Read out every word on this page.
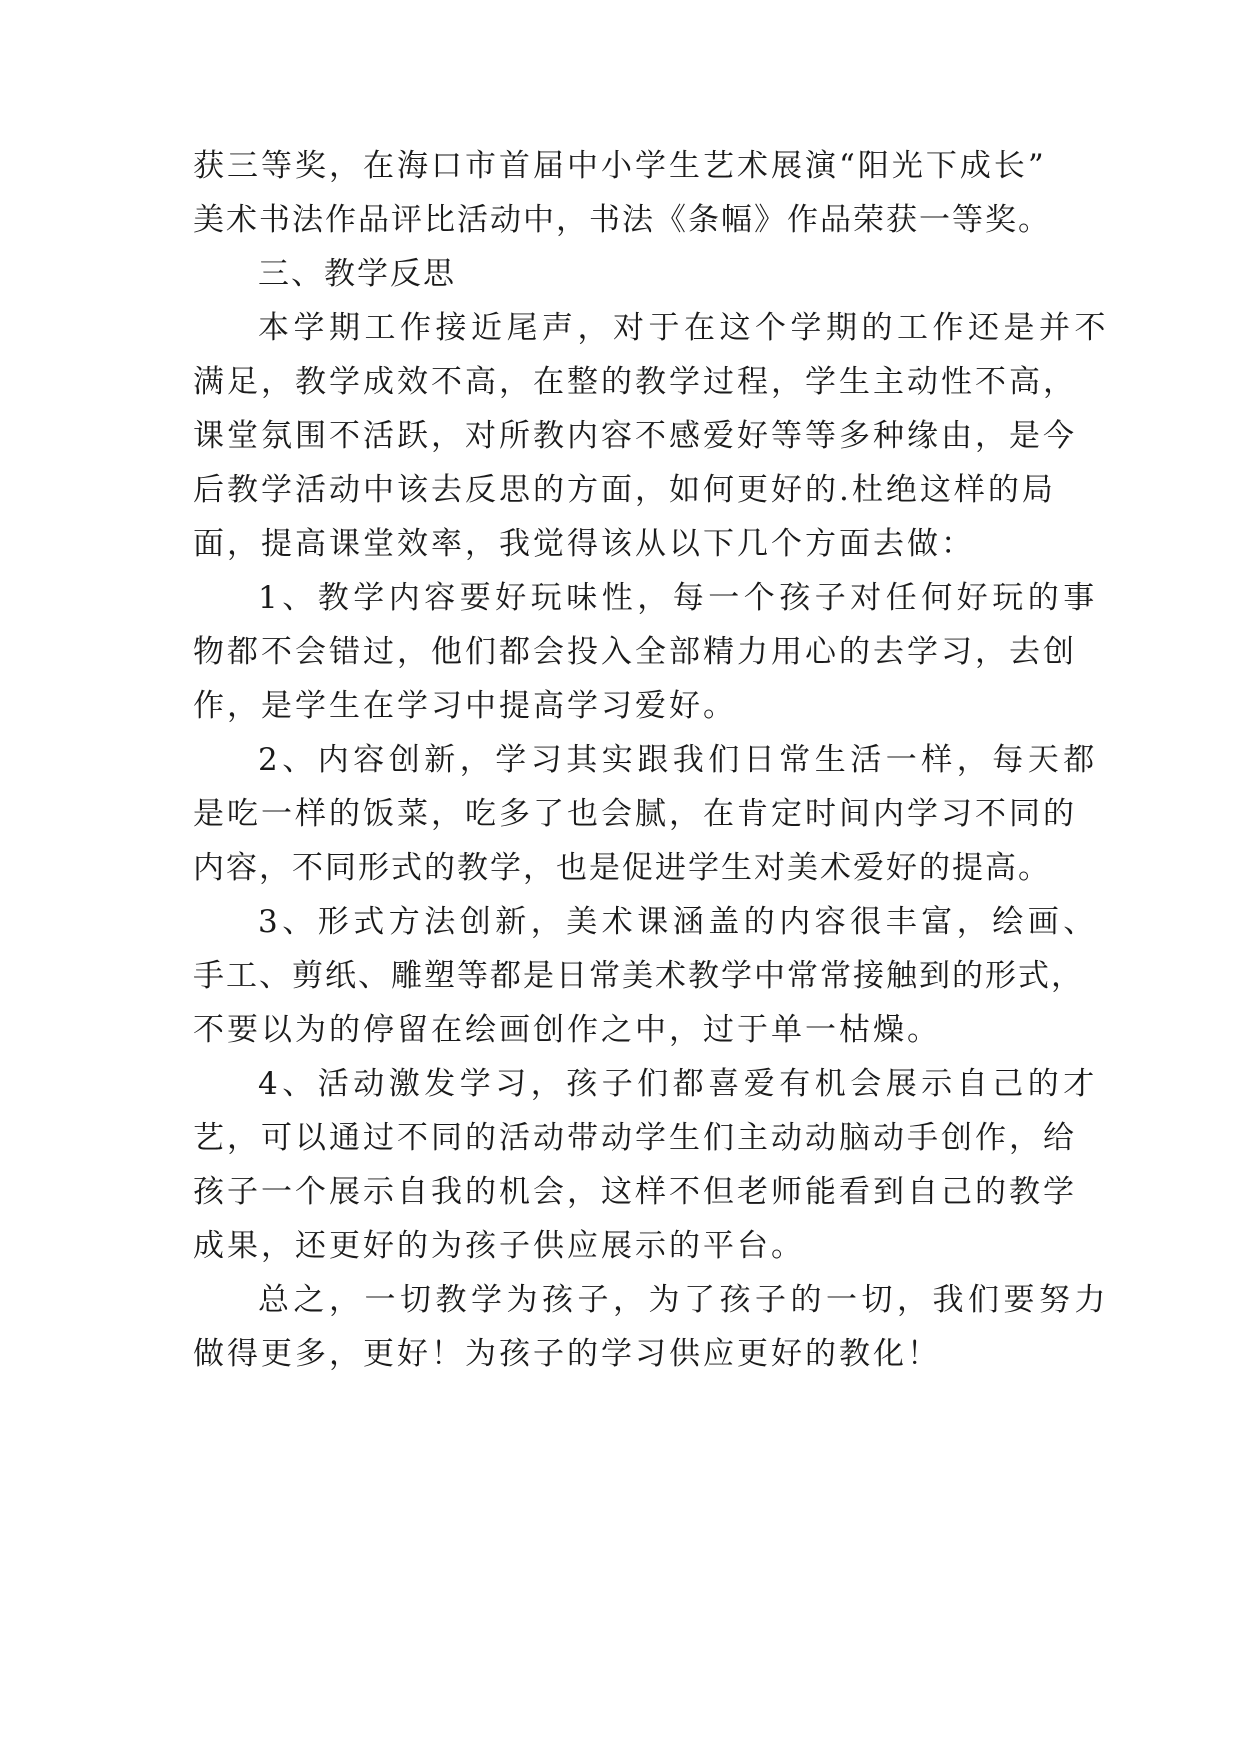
获三等奖，在海口市首届中小学生艺术展演“阳光下成长”
美术书法作品评比活动中，书法《条幅》作品荣获一等奖。
三、教学反思
本学期工作接近尾声，对于在这个学期的工作还是并不
满足，教学成效不高，在整的教学过程，学生主动性不高，
课堂氛围不活跃，对所教内容不感爱好等等多种缘由，是今
后教学活动中该去反思的方面，如何更好的.杜绝这样的局
面，提高课堂效率，我觉得该从以下几个方面去做：
1、教学内容要好玩味性，每一个孩子对任何好玩的事
物都不会错过，他们都会投入全部精力用心的去学习，去创
作，是学生在学习中提高学习爱好。
2、内容创新，学习其实跟我们日常生活一样，每天都
是吃一样的饭菜，吃多了也会腻，在肯定时间内学习不同的
内容，不同形式的教学，也是促进学生对美术爱好的提高。
3、形式方法创新，美术课涵盖的内容很丰富，绘画、
手工、剪纸、雕塑等都是日常美术教学中常常接触到的形式，
不要以为的停留在绘画创作之中，过于单一枯燥。
4、活动激发学习，孩子们都喜爱有机会展示自己的才
艺，可以通过不同的活动带动学生们主动动脑动手创作，给
孩子一个展示自我的机会，这样不但老师能看到自己的教学
成果，还更好的为孩子供应展示的平台。
总之，一切教学为孩子，为了孩子的一切，我们要努力
做得更多，更好！为孩子的学习供应更好的教化！
